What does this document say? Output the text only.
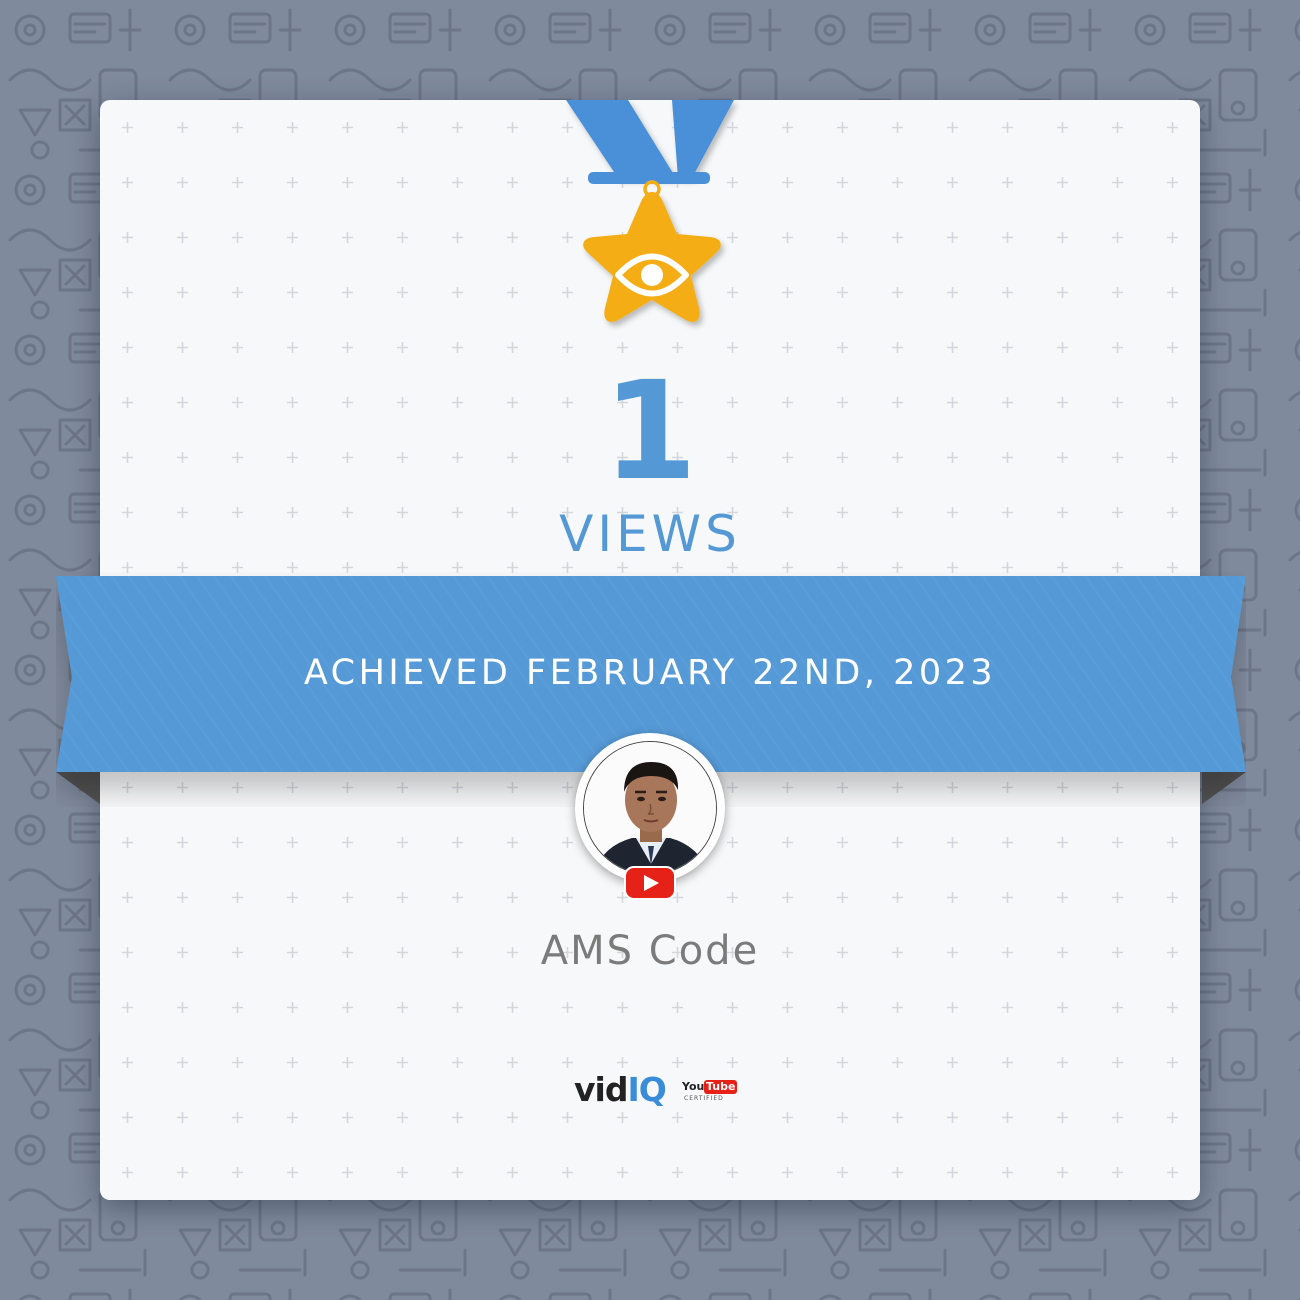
1
VIEWS
ACHIEVED FEBRUARY 22ND, 2023
AMS Code
vidIQ You Tube
CERTIFIED
